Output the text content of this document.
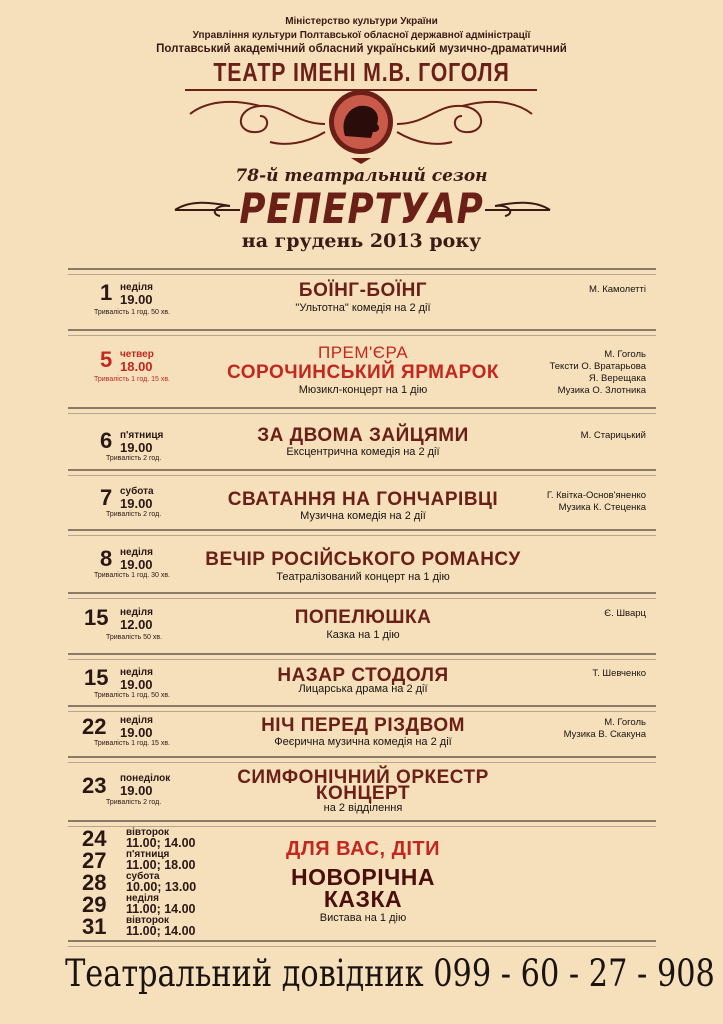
Міністерство культури України
Управління культури Полтавської обласної державної адміністрації
Полтавський академічний обласний український музично-драматичний
ТЕАТР ІМЕНІ М.В. ГОГОЛЯ
78-й театральний сезон
РЕПЕРТУАР
на грудень 2013 року
1 неділя
19.00
Тривалість 1 год. 50 хв.
БОЇНГ-БОЇНГ
"Ультотна" комедія на 2 дії
М. Камолетті
5 четвер
18.00
Тривалість 1 год. 15 хв.
ПРЕМ'ЄРА
СОРОЧИНСЬКИЙ ЯРМАРОК
Мюзикл-концерт на 1 дію
М. Гоголь
Тексти О. Вратарьова
Я. Верещака
Музика О. Злотника
6 п'ятниця
19.00
Тривалість 2 год.
ЗА ДВОМА ЗАЙЦЯМИ
Ексцентрична комедія на 2 дії
М. Старицький
7 субота
19.00
Тривалість 2 год.
СВАТАННЯ НА ГОНЧАРІВЦІ
Музична комедія на 2 дії
Г. Квітка-Основ'яненко
Музика К. Стеценка
8 неділя
19.00
Тривалість 1 год. 30 хв.
ВЕЧІР РОСІЙСЬКОГО РОМАНСУ
Театралізований концерт на 1 дію
15 неділя
12.00
Тривалість 50 хв.
ПОПЕЛЮШКА
Казка на 1 дію
Є. Шварц
15 неділя
19.00
Тривалість 1 год. 50 хв.
НАЗАР СТОДОЛЯ
Лицарська драма на 2 дії
Т. Шевченко
22 неділя
19.00
Тривалість 1 год. 15 хв.
НІЧ ПЕРЕД РІЗДВОМ
Феєрична музична комедія на 2 дії
М. Гоголь
Музика В. Скакуна
23 понеділок
19.00
Тривалість 2 год.
СИМФОНІЧНИЙ ОРКЕСТР
КОНЦЕРТ
на 2 відділення
24 вівторок
11.00; 14.00
27 п'ятниця
11.00; 18.00
28 субота
10.00; 13.00
29 неділя
11.00; 14.00
31 вівторок
11.00; 14.00
ДЛЯ ВАС, ДІТИ
НОВОРІЧНА
КАЗКА
Вистава на 1 дію
Театральний довідник 099 - 60 - 27 - 908
